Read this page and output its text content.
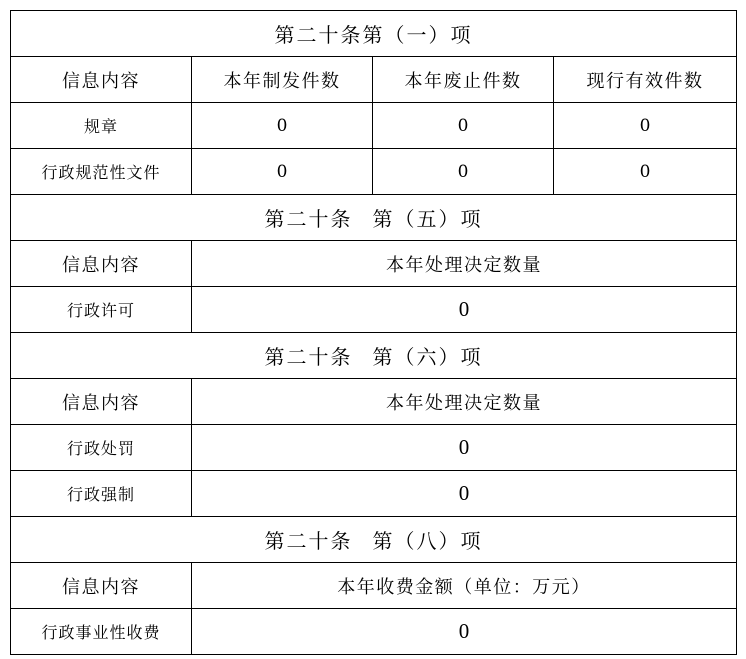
第二十条第（一）项			
信息内容	本年制发件数	本年废止件数	现行有效件数
规章	0	0	0
行政规范性文件	0	0	0
第二十条 第（五）项			
信息内容	本年处理决定数量		
行政许可	0		
第二十条 第（六）项			
信息内容	本年处理决定数量		
行政处罚	0		
行政强制	0		
第二十条 第（八）项			
信息内容	本年收费金额（单位：万元）		
行政事业性收费	0		
